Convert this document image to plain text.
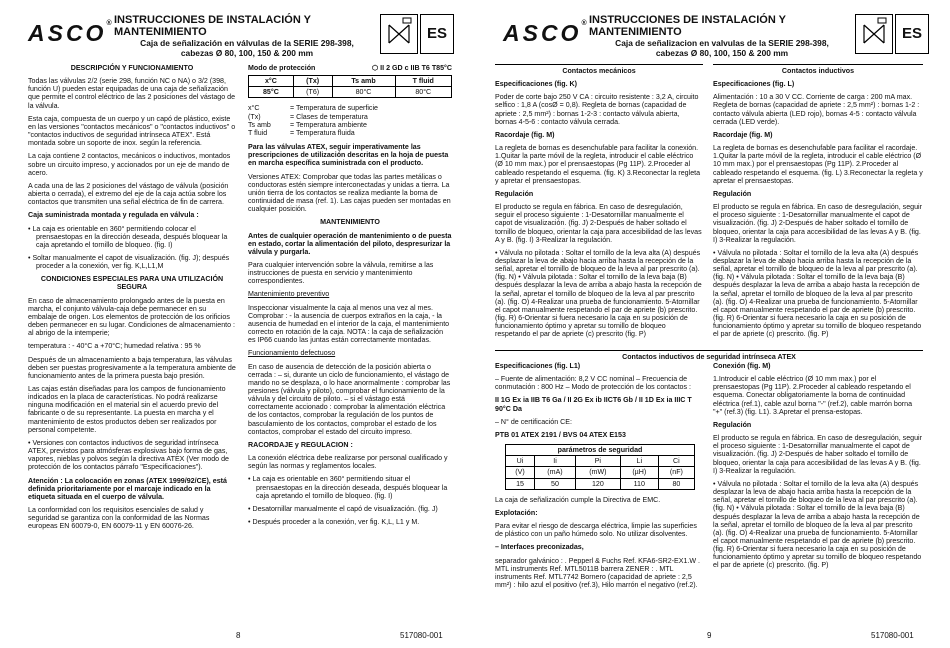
ASCO® INSTRUCCIONES DE INSTALACIÓN Y MANTENIMIENTO
Caja de señalización en válvulas de la SERIE 298-398,
cabezas Ø 80, 100, 150 & 200 mm
ES

DESCRIPCIÓN Y FUNCIONAMIENTO

Todas las válvulas 2/2 (serie 298, función NC o NA) o 3/2 (398, función U) pueden estar equipadas de una caja de señalización que permite el control eléctrico de las 2 posiciones del vástago de la válvula.

Esta caja, compuesta de un cuerpo y un capó de plástico, existe en las versiones "contactos mecánicos" o "contactos inductivos" o "contactos inductivos de seguridad intrínseca ATEX". Está montada sobre un soporte de inox. según la referencia.

La caja contiene 2 contactos, mecánicos o inductivos, montados sobre un circuito impreso, y accionados por un eje de mando de acero.

A cada una de las 2 posiciones del vástago de válvula (posición abierta o cerrada), el extremo del eje de la caja actúa sobre los contactos que transmiten una señal eléctrica de fin de carrera.

Caja suministrada montada y regulada en válvula :

• La caja es orientable en 360° permitiendo colocar el prensaestopas en la dirección deseada, después bloquear la caja apretando el tornillo de bloqueo. (fig. I)

• Soltar manualmente el capot de visualización. (fig. J); después proceder a la conexión, ver fig. K,L,L1,M

CONDICIONES ESPECIALES PARA UNA UTILIZACIÓN SEGURA

En caso de almacenamiento prolongado antes de la puesta en marcha, el conjunto válvula-caja debe permanecer en su embalaje de origen. Los elementos de protección de los orificios deben permanecer en su lugar. Condiciones de almacenamiento : al abrigo de la intemperie;

temperatura : - 40°C a +70°C; humedad relativa : 95 %

Después de un almacenamiento a baja temperatura, las válvulas deben ser puestas progresivamente a la temperatura ambiente de funcionamiento antes de la primera puesta bajo presión.

Las cajas están diseñadas para los campos de funcionamiento indicados en la placa de características. No podrá realizarse ninguna modificación en el material sin el acuerdo previo del fabricante o de su representante. La puesta en marcha y el mantenimiento de estos productos deben ser realizados por personal competente.

• Versiones con contactos inductivos de seguridad intrínseca ATEX, previstos para atmósferas explosivas bajo forma de gas, vapores, nieblas y polvos según la directiva ATEX (Ver modo de protección de los contactos párrafo "Especificaciones").

Atención : La colocación en zonas (ATEX 1999/92/CE), está definida prioritariamente por el marcaje indicado en la etiqueta situada en el cuerpo de válvula.

La conformidad con los requisitos esenciales de salud y seguridad se garantiza con la conformidad de las Normas europeas EN 60079-0, EN 60079-11 y EN 60076-26.

Modo de protección	⬡ II 2 GD c IIB T6 T85°C
x°C	(Tx)	Ts amb	T fluid
85°C	(T6)	80°C	80°C
x°C	= Temperatura de superficie
(Tx)	= Clases de temperatura
Ts amb	= Temperatura ambiente
T fluid	= Temperatura fluida

Para las válvulas ATEX, seguir imperativamente las prescripciones de utilización descritas en la hoja de puesta en marcha específica suministrada con el producto.

Versiones ATEX: Comprobar que todas las partes metálicas o conductoras estén siempre interconectadas y unidas a tierra. La unión tierra de los contactos se realiza mediante la borna de continuidad de masa (ref. 1). Las cajas pueden ser montadas en cualquier posición.

MANTENIMIENTO

Antes de cualquier operación de mantenimiento o de puesta en estado, cortar la alimentación del piloto, despresurizar la válvula y purgarla.

Para cualquier intervención sobre la válvula, remitirse a las instrucciones de puesta en servicio y mantenimiento correspondientes.

Mantenimiento preventivo

Inspeccionar visualmente la caja al menos una vez al mes. Comprobar : - la ausencia de cuerpos extraños en la caja, - la ausencia de humedad en el interior de la caja, el mantenimiento correcto en rotación de la caja. NOTA : la caja de señalización es IP66 cuando las juntas están correctamente montadas.

Funcionamiento defectuoso

En caso de ausencia de detección de la posición abierta o cerrada : – si, durante un ciclo de funcionamiento, el vástago de mando no se desplaza, o lo hace anormalmente : comprobar las presiones (válvula y piloto), comprobar el funcionamiento de la válvula y del circuito de piloto. – si el vástago está correctamente accionado : comprobar la alimentación eléctrica de los contactos, comprobar la regulación de los puntos de basculamiento de los contactos, comprobar el estado de los contactos, comprobar el estado del circuito impreso.

RACORDAJE y REGULACION :

La conexión eléctrica debe realizarse por personal cualificado y según las normas y reglamentos locales.

• La caja es orientable en 360° permitiendo situar el prensaestopas en la dirección deseada, después bloquear la caja apretando el tornillo de bloqueo. (fig. I)

• Desatornillar manualmente el capó de visualización. (fig. J)

• Después proceder a la conexión, ver fig. K,L, L1 y M.

8	517080-001
ASCO® INSTRUCCIONES DE INSTALACIÓN Y MANTENIMIENTO
Caja de señalizacion en valvulas de la SERIE 298-398,
cabezas Ø 80, 100, 150 & 200 mm
ES

Contactos mecánicos

Especificaciones (fig. K)

Poder de corte bajo 250 V CA : circuito resistente : 3,2 A, circuito selfico : 1,8 A (cosØ = 0,8). Regleta de bornas (capacidad de apriete : 2,5 mm²) : bornas 1-2-3 : contacto válvula abierta, bornas 4-5-6 : contacto válvula cerrada.

Racordaje (fig. M)

La regleta de bornas es desenchufable para facilitar la conexión. 1.Quitar la parte móvil de la regleta, introducir el cable eléctrico (Ø 10 mm max.) por el prensaestopas (Pg 11P). 2.Proceder al cableado respetando el esquema. (fig. K) 3.Reconectar la regleta y apretar el prensaestopas.

Regulación

El producto se regula en fábrica. En caso de desregulación, seguir el proceso siguiente : 1-Desatornillar manualmente el capot de visualización. (fig. J) 2-Después de haber soltado el tornillo de bloqueo, orientar la caja para accesibilidad de las levas A y B. (fig. I) 3-Realizar la regulación.

• Válvula no pilotada : Soltar el tornillo de la leva alta (A) después desplazar la leva de abajo hacia arriba hasta la recepción de la señal, apretar el tornillo de bloqueo de la leva al par prescrito (a). (fig. N) • Válvula pilotada : Soltar el tornillo de la leva baja (B) después desplazar la leva de arriba a abajo hasta la recepción de la señal, apretar el tornillo de bloqueo de la leva al par prescrito (a). (fig. O) 4-Realizar una prueba de funcionamiento. 5-Atornillar el capot manualmente respetando el par de apriete (b) prescrito. (fig. R) 6-Orientar si fuera necesario la caja en su posición de funcionamiento óptimo y apretar su tornillo de bloqueo respetando el par de apriete (c) prescrito (fig. P)

Contactos inductivos

Especificaciones (fig. L)

Alimentación : 10 a 30 V CC. Corriente de carga : 200 mA max. Regleta de bornas (capacidad de apriete : 2,5 mm²) : bornas 1-2 : contacto válvula abierta (LED rojo), bornas 4-5 : contacto válvula cerrada (LED verde).

Racordaje (fig. M)

La regleta de bornas es desenchufable para facilitar el racordaje. 1.Quitar la parte móvil de la regleta, introducir el cable eléctrico (Ø 10 mm max.) por el prensaestopas (Pg 11P). 2.Proceder al cableado respetando el esquema. (fig. L) 3.Reconectar la regleta y apretar el prensaestopas.

Regulación

El producto se regula en fábrica. En caso de desregulación, seguir el proceso siguiente : 1-Desatornillar manualmente el capot de visualización. (fig. J) 2-Después de haber soltado el tornillo de bloqueo, orientar la caja para accesibilidad de las levas A y B. (fig. I) 3-Realizar la regulación.

• Válvula no pilotada : Soltar el tornillo de la leva alta (A) después desplazar la leva de abajo hacia arriba hasta la recepción de la señal, apretar el tornillo de bloqueo de la leva al par prescrito (a). (fig. N) • Válvula pilotada : Soltar el tornillo de la leva baja (B) después desplazar la leva de arriba a abajo hasta la recepción de la señal, apretar el tornillo de bloqueo de la leva al par prescrito (a). (fig. O) 4-Realizar una prueba de funcionamiento. 5-Atornillar el capot manualmente respetando el par de apriete (b) prescrito. (fig. R) 6-Orientar si fuera necesario la caja en su posición de funcionamiento óptimo y apretar su tornillo de bloqueo respetando el par de apriete (c) prescrito. (fig. P)

Contactos inductivos de seguridad intrínseca ATEX

Especificaciones (fig. L1)

– Fuente de alimentación: 8,2 V CC nominal – Frecuencia de conmutación : 800 Hz – Modo de protección de los contactos :

II 1G Ex ia IIB T6 Ga / II 2G Ex ib IICT6 Gb / II 1D Ex ia IIIC T 90°C Da

– N° de certificación CE:

PTB 01 ATEX 2191 / BVS 04 ATEX E153

parámetros de seguridad				
Ui	Ii	Pi	Li	Ci
(V)	(mA)	(mW)	(µH)	(nF)
15	50	120	110	80

La caja de señalización cumple la Directiva de EMC.

Explotación:

Para evitar el riesgo de descarga eléctrica, limpie las superficies de plástico con un paño húmedo solo. No utilizar disolventes.

– Interfaces preconizadas,

separador galvánico : . Pepperl & Fuchs Ref. KFA6-SR2-EX1.W . MTL instruments Ref. MTL5011B barrera ZENER : . MTL instruments Ref. MTL7742 Bornero (capacidad de apriete : 2,5 mm²) : hilo azul el positivo (ref.3), Hilo marrón el negativo (ref.2).

Conexión (fig. M)

1.Introducir el cable eléctrico (Ø 10 mm max.) por el prensaestopas (Pg 11P). 2.Proceder al cableado respetando el esquema. Conectar obligatoriamente la borna de continuidad eléctrica (ref.1), cable azul borna "-" (ref.2), cable marrón borna "+" (ref.3) (fig. L1). 3.Apretar el prensa-estopas.

Regulación

El producto se regula en fábrica. En caso de desregulación, seguir el proceso siguiente : 1-Desatornillar manualmente el capot de visualización. (fig. J) 2-Después de haber soltado el tornillo de bloqueo, orientar la caja para accesibilidad de las levas A y B. (fig. I) 3-Realizar la regulación.

• Válvula no pilotada : Soltar el tornillo de la leva alta (A) después desplazar la leva de abajo hacia arriba hasta la recepción de la señal, apretar el tornillo de bloqueo de la leva al par prescrito (a). (fig. N) • Válvula pilotada : Soltar el tornillo de la leva baja (B) después desplazar la leva de arriba a abajo hasta la recepción de la señal, apretar el tornillo de bloqueo de la leva al par prescrito (a). (fig. O) 4-Realizar una prueba de funcionamiento. 5-Atornillar el capot manualmente respetando el par de apriete (b) prescrito. (fig. R) 6-Orientar si fuera necesario la caja en su posición de funcionamiento óptimo y apretar su tornillo de bloqueo respetando el par de apriete (c) prescrito. (fig. P)

9	517080-001
